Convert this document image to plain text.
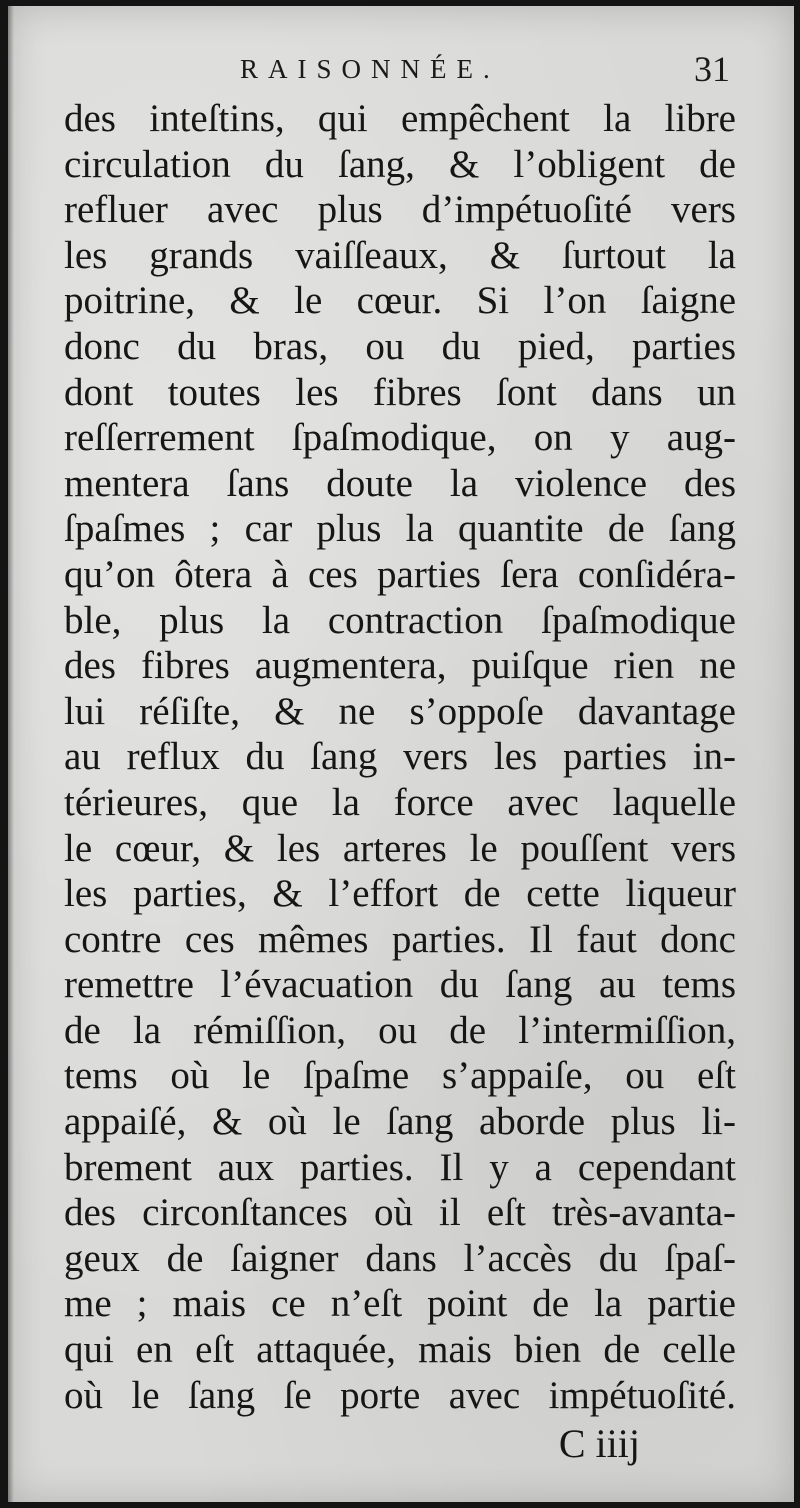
RAISONNÉE.	31
des inteſtins, qui empêchent la libre
circulation du ſang, & l’obligent de
refluer avec plus d’impétuoſité vers
les grands vaiſſeaux, & ſurtout la
poitrine, & le cœur. Si l’on ſaigne
donc du bras, ou du pied, parties
dont toutes les fibres ſont dans un
reſſerrement ſpaſmodique, on y aug-
mentera ſans doute la violence des
ſpaſmes ; car plus la quantite de ſang
qu’on ôtera à ces parties ſera conſidéra-
ble, plus la contraction ſpaſmodique
des fibres augmentera, puiſque rien ne
lui réſiſte, & ne s’oppoſe davantage
au reflux du ſang vers les parties in-
térieures, que la force avec laquelle
le cœur, & les arteres le pouſſent vers
les parties, & l’effort de cette liqueur
contre ces mêmes parties. Il faut donc
remettre l’évacuation du ſang au tems
de la rémiſſion, ou de l’intermiſſion,
tems où le ſpaſme s’appaiſe, ou eſt
appaiſé, & où le ſang aborde plus li-
brement aux parties. Il y a cependant
des circonſtances où il eſt très-avanta-
geux de ſaigner dans l’accès du ſpaſ-
me ; mais ce n’eſt point de la partie
qui en eſt attaquée, mais bien de celle
où le ſang ſe porte avec impétuoſité.
C iiij
